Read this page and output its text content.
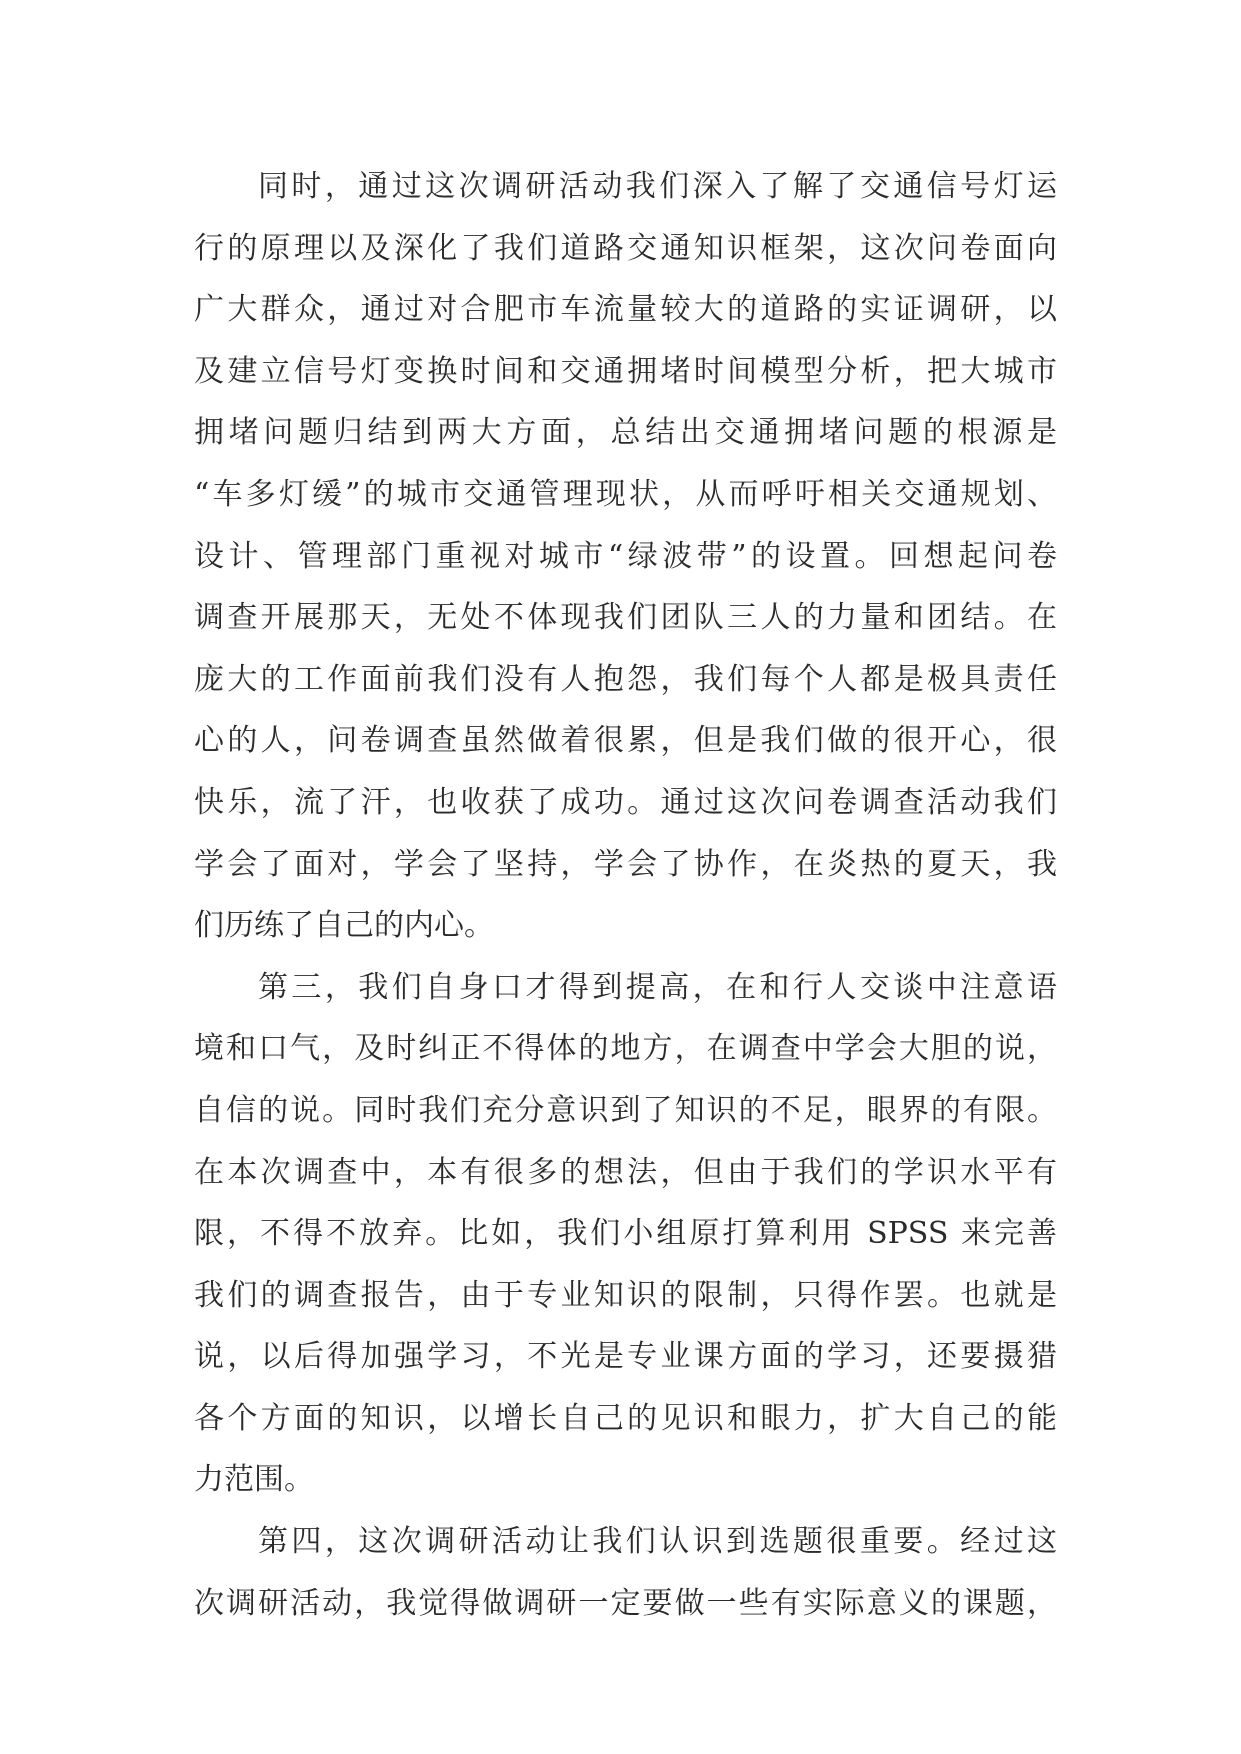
同时，通过这次调研活动我们深入了解了交通信号灯运
行的原理以及深化了我们道路交通知识框架，这次问卷面向
广大群众，通过对合肥市车流量较大的道路的实证调研，以
及建立信号灯变换时间和交通拥堵时间模型分析，把大城市
拥堵问题归结到两大方面，总结出交通拥堵问题的根源是
“车多灯缓”的城市交通管理现状，从而呼吁相关交通规划、
设计、管理部门重视对城市“绿波带”的设置。回想起问卷
调查开展那天，无处不体现我们团队三人的力量和团结。在
庞大的工作面前我们没有人抱怨，我们每个人都是极具责任
心的人，问卷调查虽然做着很累，但是我们做的很开心，很
快乐，流了汗，也收获了成功。通过这次问卷调查活动我们
学会了面对，学会了坚持，学会了协作，在炎热的夏天，我
们历练了自己的内心。
第三，我们自身口才得到提高，在和行人交谈中注意语
境和口气，及时纠正不得体的地方，在调查中学会大胆的说，
自信的说。同时我们充分意识到了知识的不足，眼界的有限。
在本次调查中，本有很多的想法，但由于我们的学识水平有
限，不得不放弃。比如，我们小组原打算利用 SPSS 来完善
我们的调查报告，由于专业知识的限制，只得作罢。也就是
说，以后得加强学习，不光是专业课方面的学习，还要摄猎
各个方面的知识，以增长自己的见识和眼力，扩大自己的能
力范围。
第四，这次调研活动让我们认识到选题很重要。经过这
次调研活动，我觉得做调研一定要做一些有实际意义的课题，
